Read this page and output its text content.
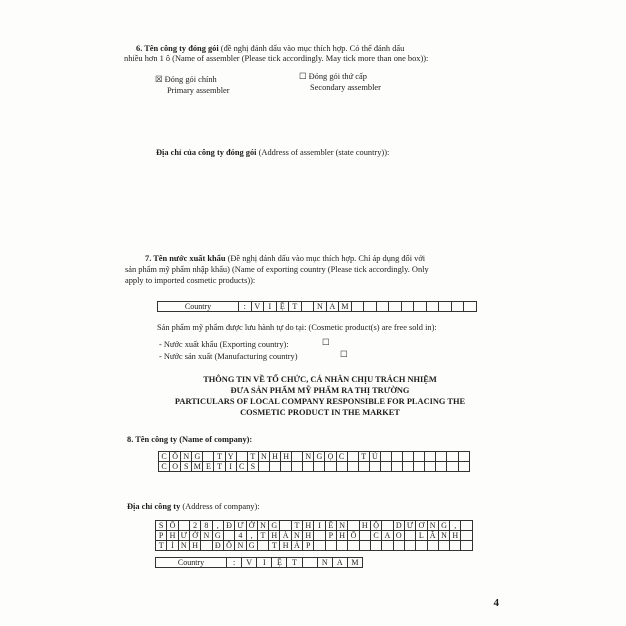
6. Tên công ty đóng gói (đề nghị đánh dấu vào mục thích hợp. Có thể đánh dấu
nhiều hơn 1 ô (Name of assembler (Please tick accordingly. May tick more than one box)):
☒ Đóng gói chính
Primary assembler
☐ Đóng gói thứ cấp
Secondary assembler
Địa chỉ của công ty đóng gói (Address of assembler (state country)):
7. Tên nước xuất khẩu (Đề nghị đánh dấu vào mục thích hợp. Chỉ áp dụng đối với
sản phẩm mỹ phẩm nhập khẩu) (Name of exporting country (Please tick accordingly. Only
apply to imported cosmetic products)):
Country	:	V	I	Ệ	T		N	A	M										
Sản phẩm mỹ phẩm được lưu hành tự do tại: (Cosmetic product(s) are free sold in):
- Nước xuất khẩu (Exporting country):	☐
- Nước sản xuất (Manufacturing country)	☐
THÔNG TIN VỀ TỔ CHỨC, CÁ NHÂN CHỊU TRÁCH NHIỆM
ĐƯA SẢN PHẨM MỸ PHẨM RA THỊ TRƯỜNG
PARTICULARS OF LOCAL COMPANY RESPONSIBLE FOR PLACING THE
COSMETIC PRODUCT IN THE MARKET
8. Tên công ty (Name of company):
C	Ô	N	G		T	Y		T	N	H	H		N	G	Ọ	C		T	Ú								
C	O	S	M	E	T	I	C	S																			
Địa chỉ công ty (Address of company):
S	Ố		2	8	,	Đ	Ư	Ờ	N	G		T	H	I	Ề	N		H	Ộ		D	Ư	Ơ	N	G	,	
P	H	Ư	Ờ	N	G		4	,	T	H	À	N	H		P	H	Ố		C	A	O		L	Ã	N	H	
T	Ỉ	N	H		Đ	Ồ	N	G		T	H	Á	P														
Country	:	V	I	Ệ	T		N	A	M
4
